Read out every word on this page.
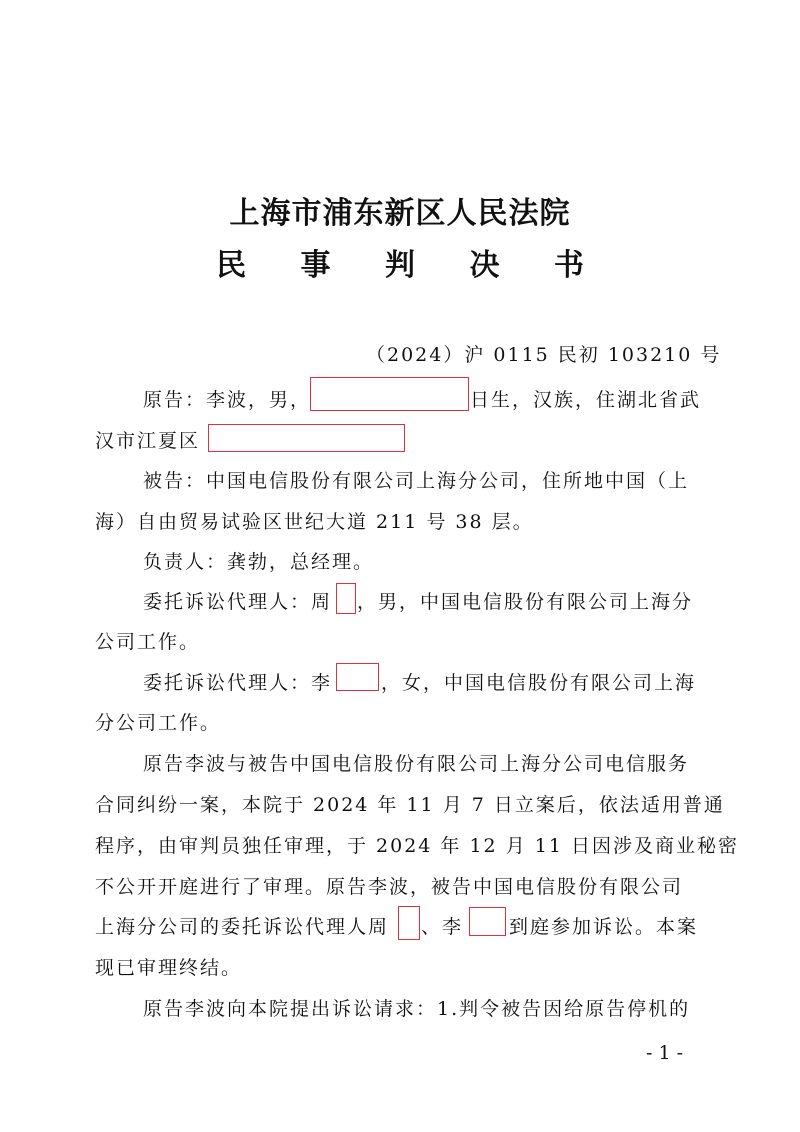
上海市浦东新区人民法院
民 事 判 决 书
（2024）沪 0115 民初 103210 号
原告：李波，男，	日生，汉族，住湖北省武
汉市江夏区
被告：中国电信股份有限公司上海分公司，住所地中国（上
海）自由贸易试验区世纪大道 211 号 38 层。
负责人：龚勃，总经理。
委托诉讼代理人：周 ，男，中国电信股份有限公司上海分
公司工作。
委托诉讼代理人：李	，女，中国电信股份有限公司上海
分公司工作。
原告李波与被告中国电信股份有限公司上海分公司电信服务
合同纠纷一案，本院于 2024 年 11 月 7 日立案后，依法适用普通
程序，由审判员独任审理，于 2024 年 12 月 11 日因涉及商业秘密
不公开开庭进行了审理。原告李波，被告中国电信股份有限公司
上海分公司的委托诉讼代理人周 、李 到庭参加诉讼。本案
现已审理终结。
原告李波向本院提出诉讼请求：1.判令被告因给原告停机的
- 1 -
